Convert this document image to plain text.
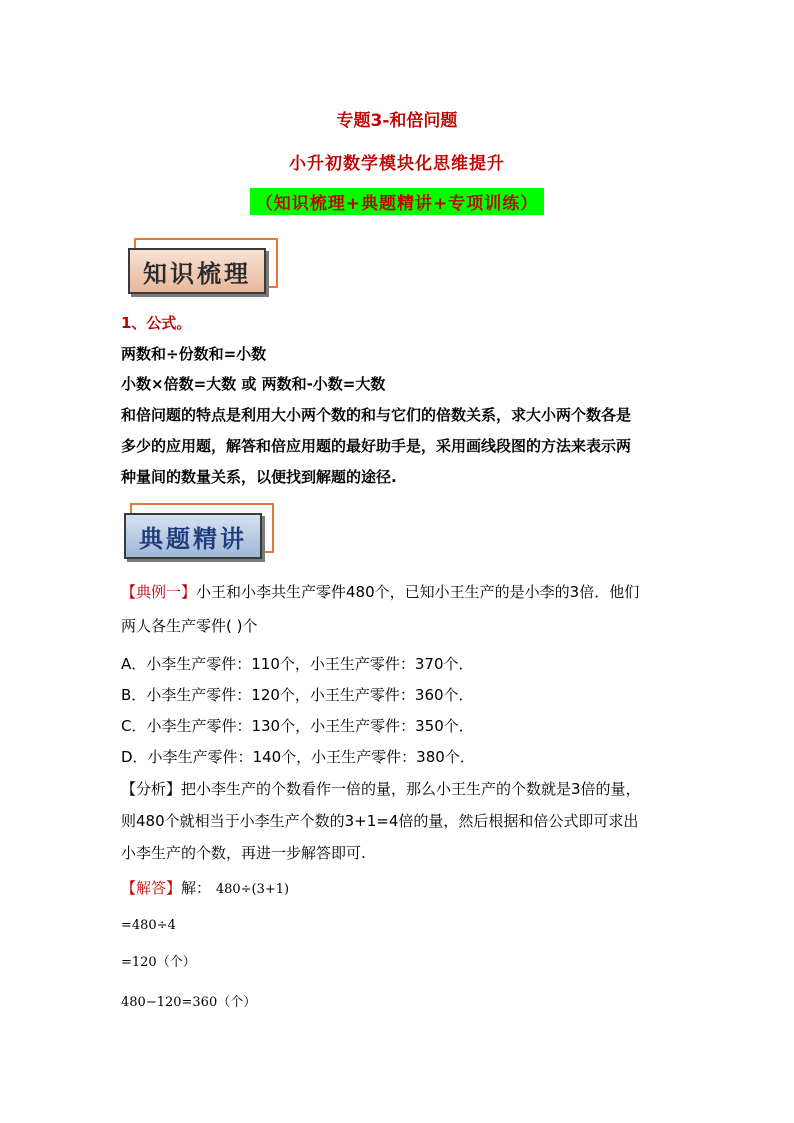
专题3-和倍问题
小升初数学模块化思维提升
（知识梳理+典题精讲+专项训练）
知识梳理
1、公式。
两数和÷份数和=小数
小数×倍数=大数 或 两数和-小数=大数
和倍问题的特点是利用大小两个数的和与它们的倍数关系，求大小两个数各是
多少的应用题，解答和倍应用题的最好助手是，采用画线段图的方法来表示两
种量间的数量关系，以便找到解题的途径.
典题精讲
【典例一】小王和小李共生产零件480个，已知小王生产的是小李的3倍．他们
两人各生产零件( )个
A．小李生产零件：110个，小王生产零件：370个．
B．小李生产零件：120个，小王生产零件：360个．
C．小李生产零件：130个，小王生产零件：350个．
D．小李生产零件：140个，小王生产零件：380个．
【分析】把小李生产的个数看作一倍的量，那么小王生产的个数就是3倍的量，
则480个就相当于小李生产个数的3+1=4倍的量，然后根据和倍公式即可求出
小李生产的个数，再进一步解答即可.
【解答】解： 480÷(3+1)
=480÷4
=120（个）
480−120=360（个）
